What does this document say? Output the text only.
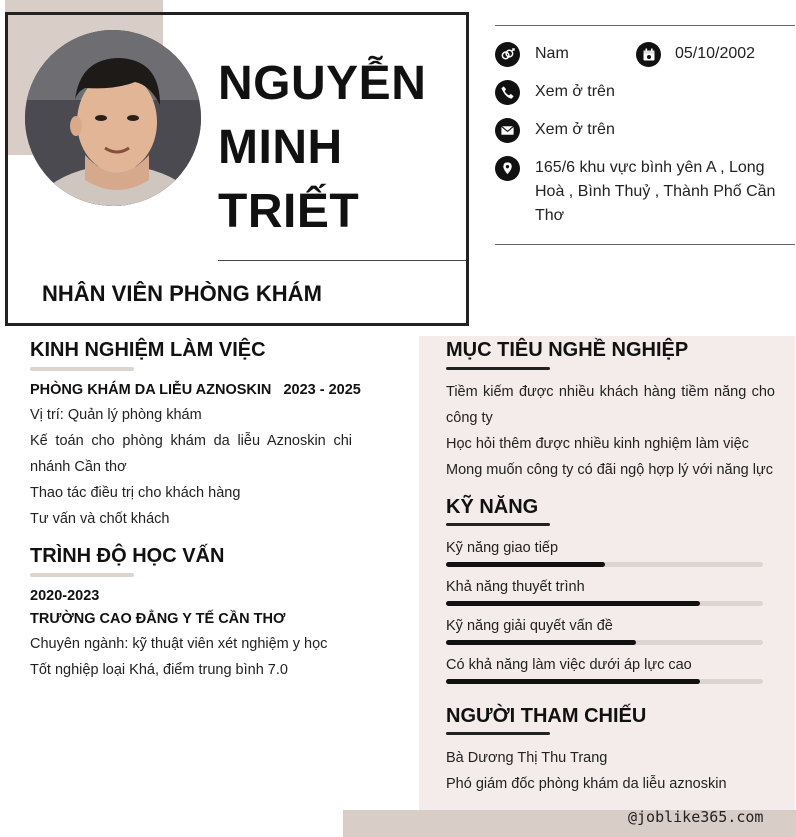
NGUYỄN
MINH
TRIẾT
NHÂN VIÊN PHÒNG KHÁM
Nam	05/10/2002
Xem ở trên
Xem ở trên
165/6 khu vực bình yên A , Long Hoà , Bình Thuỷ , Thành Phố Cần Thơ
KINH NGHIỆM LÀM VIỆC
PHÒNG KHÁM DA LIỄU AZNOSKIN 2023 - 2025
Vị trí: Quản lý phòng khám
Kế toán cho phòng khám da liễu Aznoskin chi nhánh Cần thơ
Thao tác điều trị cho khách hàng
Tư vấn và chốt khách
TRÌNH ĐỘ HỌC VẤN
2020-2023
TRƯỜNG CAO ĐẲNG Y TẾ CẦN THƠ
Chuyên ngành: kỹ thuật viên xét nghiệm y học
Tốt nghiệp loại Khá, điểm trung bình 7.0
MỤC TIÊU NGHỀ NGHIỆP
Tiềm kiếm được nhiều khách hàng tiềm năng cho công ty
Học hỏi thêm được nhiều kinh nghiệm làm việc
Mong muốn công ty có đãi ngộ hợp lý với năng lực
KỸ NĂNG
Kỹ năng giao tiếp
Khả năng thuyết trình
Kỹ năng giải quyết vấn đề
Có khả năng làm việc dưới áp lực cao
NGƯỜI THAM CHIẾU
Bà Dương Thị Thu Trang
Phó giám đốc phòng khám da liễu aznoskin
@joblike365.com
